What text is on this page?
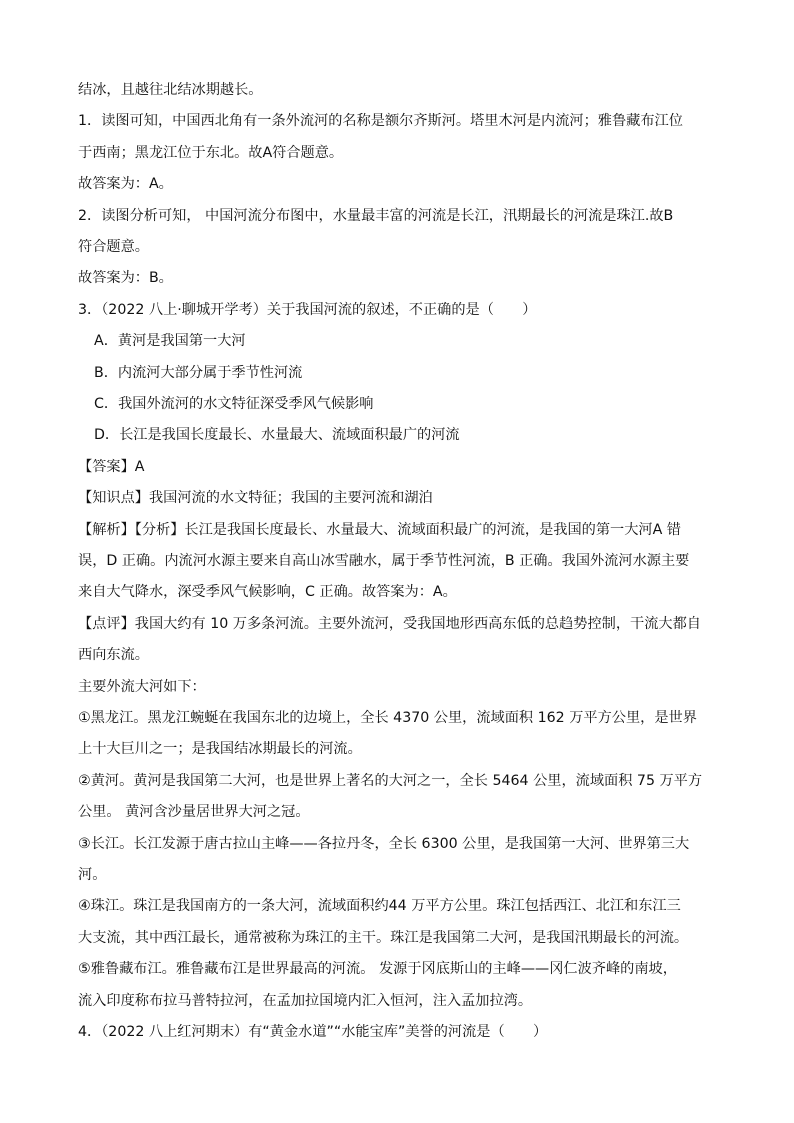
结冰，且越往北结冰期越长。
1．读图可知，中国西北角有一条外流河的名称是额尔齐斯河。塔里木河是内流河；雅鲁藏布江位
于西南；黑龙江位于东北。故A符合题意。
故答案为：A。
2．读图分析可知， 中国河流分布图中，水量最丰富的河流是长江，汛期最长的河流是珠江.故B
符合题意。
故答案为：B。
3．（2022 八上·聊城开学考）关于我国河流的叙述，不正确的是（　　）
A．黄河是我国第一大河
B．内流河大部分属于季节性河流
C．我国外流河的水文特征深受季风气候影响
D．长江是我国长度最长、水量最大、流域面积最广的河流
【答案】A
【知识点】我国河流的水文特征；我国的主要河流和湖泊
【解析】【分析】长江是我国长度最长、水量最大、流域面积最广的河流，是我国的第一大河A 错
误，D 正确。内流河水源主要来自高山冰雪融水，属于季节性河流，B 正确。我国外流河水源主要
来自大气降水，深受季风气候影响，C 正确。故答案为：A。
【点评】我国大约有 10 万多条河流。主要外流河，受我国地形西高东低的总趋势控制，干流大都自
西向东流。
主要外流大河如下：
①黑龙江。黑龙江蜿蜒在我国东北的边境上，全长 4370 公里，流域面积 162 万平方公里，是世界
上十大巨川之一；是我国结冰期最长的河流。
②黄河。黄河是我国第二大河，也是世界上著名的大河之一，全长 5464 公里，流域面积 75 万平方
公里。 黄河含沙量居世界大河之冠。
③长江。长江发源于唐古拉山主峰——各拉丹冬，全长 6300 公里，是我国第一大河、世界第三大
河。
④珠江。珠江是我国南方的一条大河，流域面积约44 万平方公里。珠江包括西江、北江和东江三
大支流，其中西江最长，通常被称为珠江的主干。珠江是我国第二大河，是我国汛期最长的河流。
⑤雅鲁藏布江。雅鲁藏布江是世界最高的河流。 发源于冈底斯山的主峰——冈仁波齐峰的南坡，
流入印度称布拉马普特拉河，在孟加拉国境内汇入恒河，注入孟加拉湾。
4．（2022 八上红河期末）有“黄金水道”“水能宝库”美誉的河流是（　　）
